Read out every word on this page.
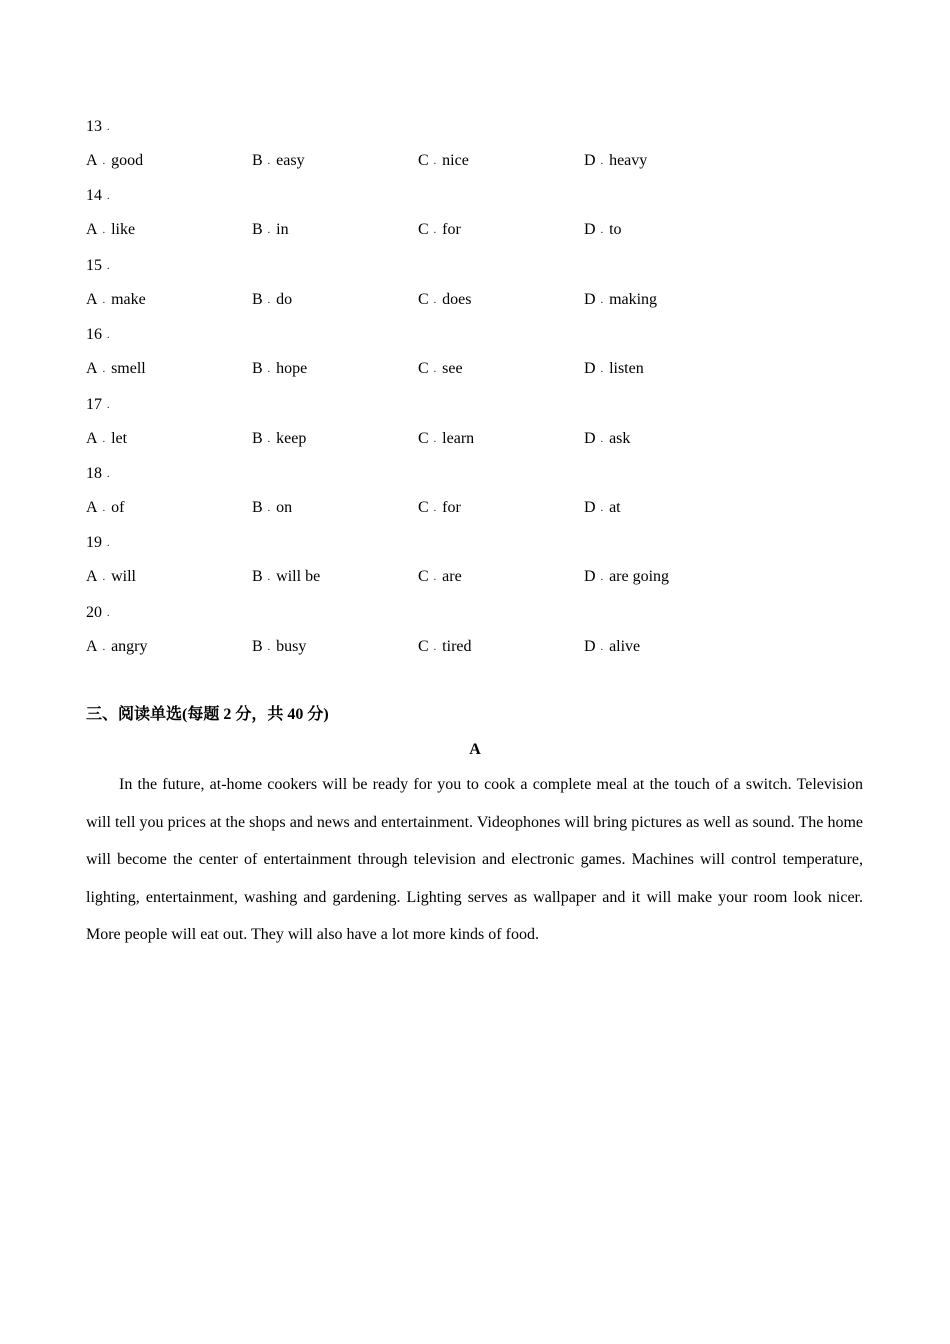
13 .
A . good	B . easy	C . nice	D . heavy
14 .
A . like	B . in	C . for	D . to
15 .
A . make	B . do	C . does	D . making
16 .
A . smell	B . hope	C . see	D . listen
17 .
A . let	B . keep	C . learn	D . ask
18 .
A . of	B . on	C . for	D . at
19 .
A . will	B . will be	C . are	D . are going
20 .
A . angry	B . busy	C . tired	D . alive
三、阅读单选(每题 2 分，共 40 分)
A

In the future, at-home cookers will be ready for you to cook a complete meal at the touch of a switch. Television will tell you prices at the shops and news and entertainment. Videophones will bring pictures as well as sound. The home will become the center of entertainment through television and electronic games. Machines will control temperature, lighting, entertainment, washing and gardening. Lighting serves as wallpaper and it will make your room look nicer. More people will eat out. They will also have a lot more kinds of food.
